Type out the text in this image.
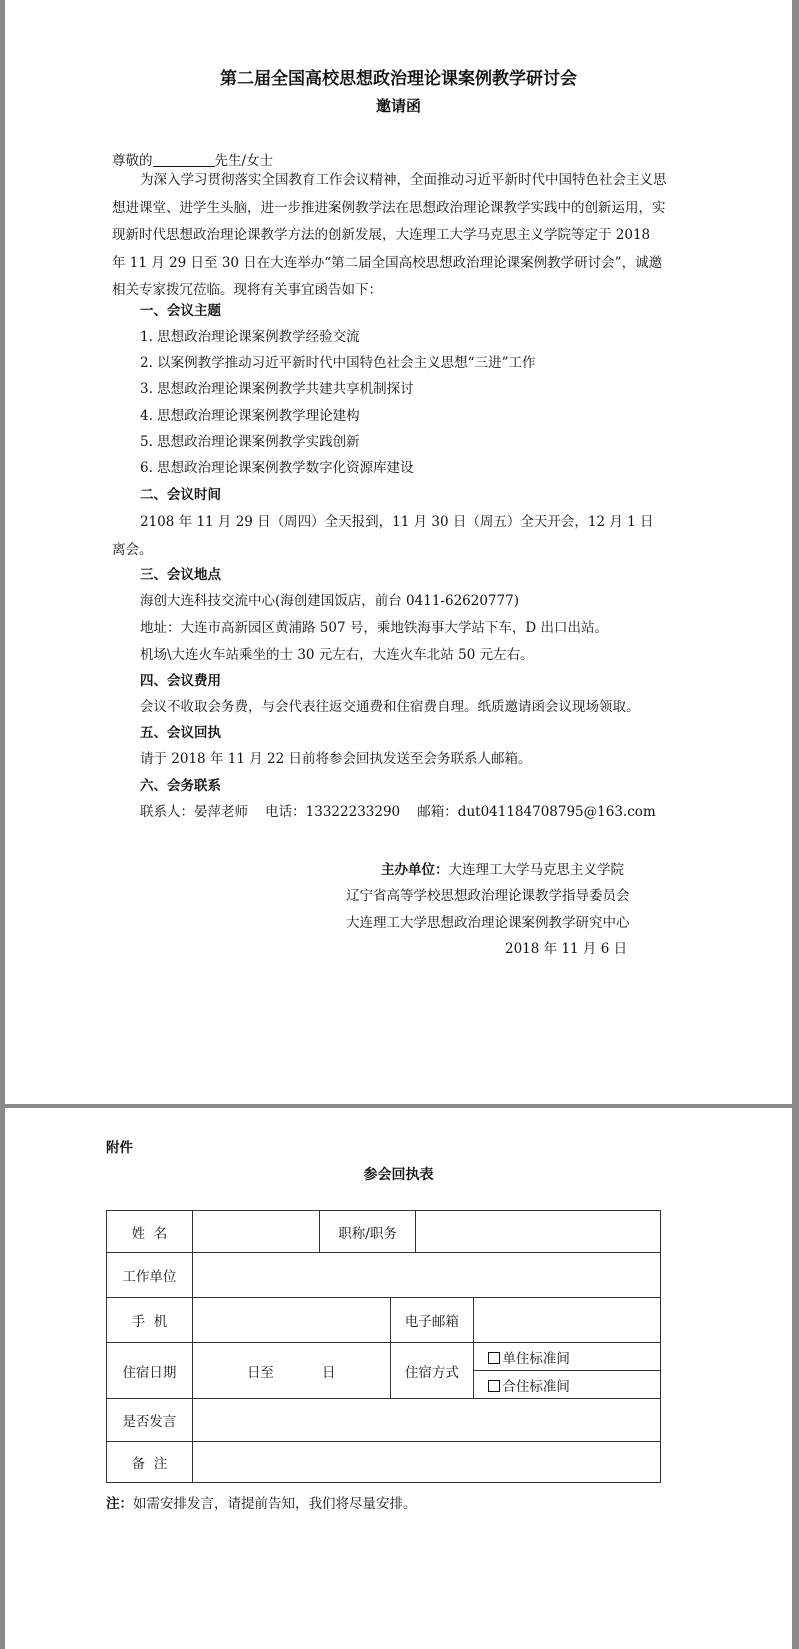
第二届全国高校思想政治理论课案例教学研讨会
邀请函
尊敬的	先生/女士

为深入学习贯彻落实全国教育工作会议精神，全面推动习近平新时代中国特色社会主义思想进课堂、进学生头脑，进一步推进案例教学法在思想政治理论课教学实践中的创新运用，实现新时代思想政治理论课教学方法的创新发展，大连理工大学马克思主义学院等定于 2018 年 11 月 29 日至 30 日在大连举办“第二届全国高校思想政治理论课案例教学研讨会”，诚邀相关专家拨冗莅临。现将有关事宜函告如下：

一、会议主题
1. 思想政治理论课案例教学经验交流
2. 以案例教学推动习近平新时代中国特色社会主义思想“三进”工作
3. 思想政治理论课案例教学共建共享机制探讨
4. 思想政治理论课案例教学理论建构
5. 思想政治理论课案例教学实践创新
6. 思想政治理论课案例教学数字化资源库建设
二、会议时间

2108 年 11 月 29 日（周四）全天报到，11 月 30 日（周五）全天开会，12 月 1 日离会。

三、会议地点
海创大连科技交流中心(海创建国饭店，前台 0411-62620777)
地址：大连市高新园区黄浦路 507 号，乘地铁海事大学站下车，D 出口出站。
机场\大连火车站乘坐的士 30 元左右，大连火车北站 50 元左右。
四、会议费用
会议不收取会务费，与会代表往返交通费和住宿费自理。纸质邀请函会议现场领取。
五、会议回执
请于 2018 年 11 月 22 日前将参会回执发送至会务联系人邮箱。
六、会务联系
联系人：晏萍老师    电话：13322233290    邮箱：dut041184708795@163.com
主办单位：大连理工大学马克思主义学院
辽宁省高等学校思想政治理论课教学指导委员会
大连理工大学思想政治理论课案例教学研究中心
2018 年 11 月 6 日
附件
参会回执表
姓  名		职称/职务			
工作单位					
手  机			电子邮箱		
住宿日期	日至 日		住宿方式		单住标准间
					合住标准间
是否发言					
备  注					
注：如需安排发言，请提前告知，我们将尽量安排。
